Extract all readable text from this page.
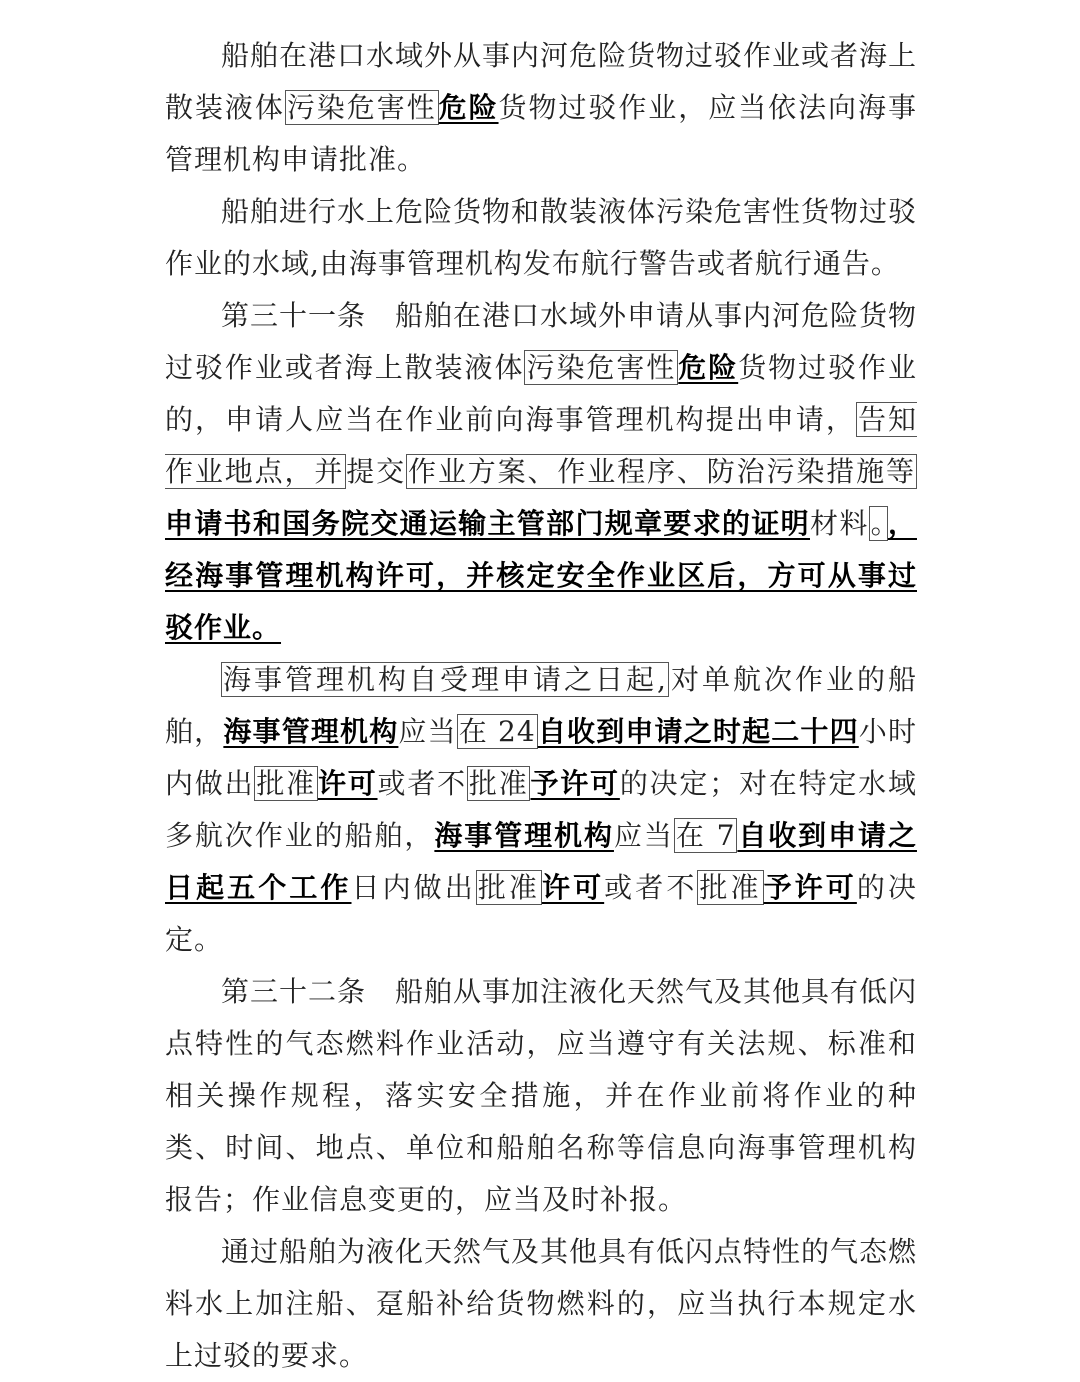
船舶在港口水域外从事内河危险货物过驳作业或者海上散装液体污染危害性危险货物过驳作业，应当依法向海事管理机构申请批准。

船舶进行水上危险货物和散装液体污染危害性货物过驳作业的水域,由海事管理机构发布航行警告或者航行通告。

第三十一条　船舶在港口水域外申请从事内河危险货物过驳作业或者海上散装液体污染危害性危险货物过驳作业的，申请人应当在作业前向海事管理机构提出申请，告知作业地点，并提交作业方案、作业程序、防治污染措施等申请书和国务院交通运输主管部门规章要求的证明材料。，经海事管理机构许可，并核定安全作业区后，方可从事过驳作业。

海事管理机构自受理申请之日起,对单航次作业的船舶，海事管理机构应当在 24自收到申请之时起二十四小时内做出批准许可或者不批准予许可的决定；对在特定水域多航次作业的船舶，海事管理机构应当在 7自收到申请之日起五个工作日内做出批准许可或者不批准予许可的决定。

第三十二条　船舶从事加注液化天然气及其他具有低闪点特性的气态燃料作业活动，应当遵守有关法规、标准和相关操作规程，落实安全措施，并在作业前将作业的种类、时间、地点、单位和船舶名称等信息向海事管理机构报告；作业信息变更的，应当及时补报。

通过船舶为液化天然气及其他具有低闪点特性的气态燃料水上加注船、趸船补给货物燃料的，应当执行本规定水上过驳的要求。
